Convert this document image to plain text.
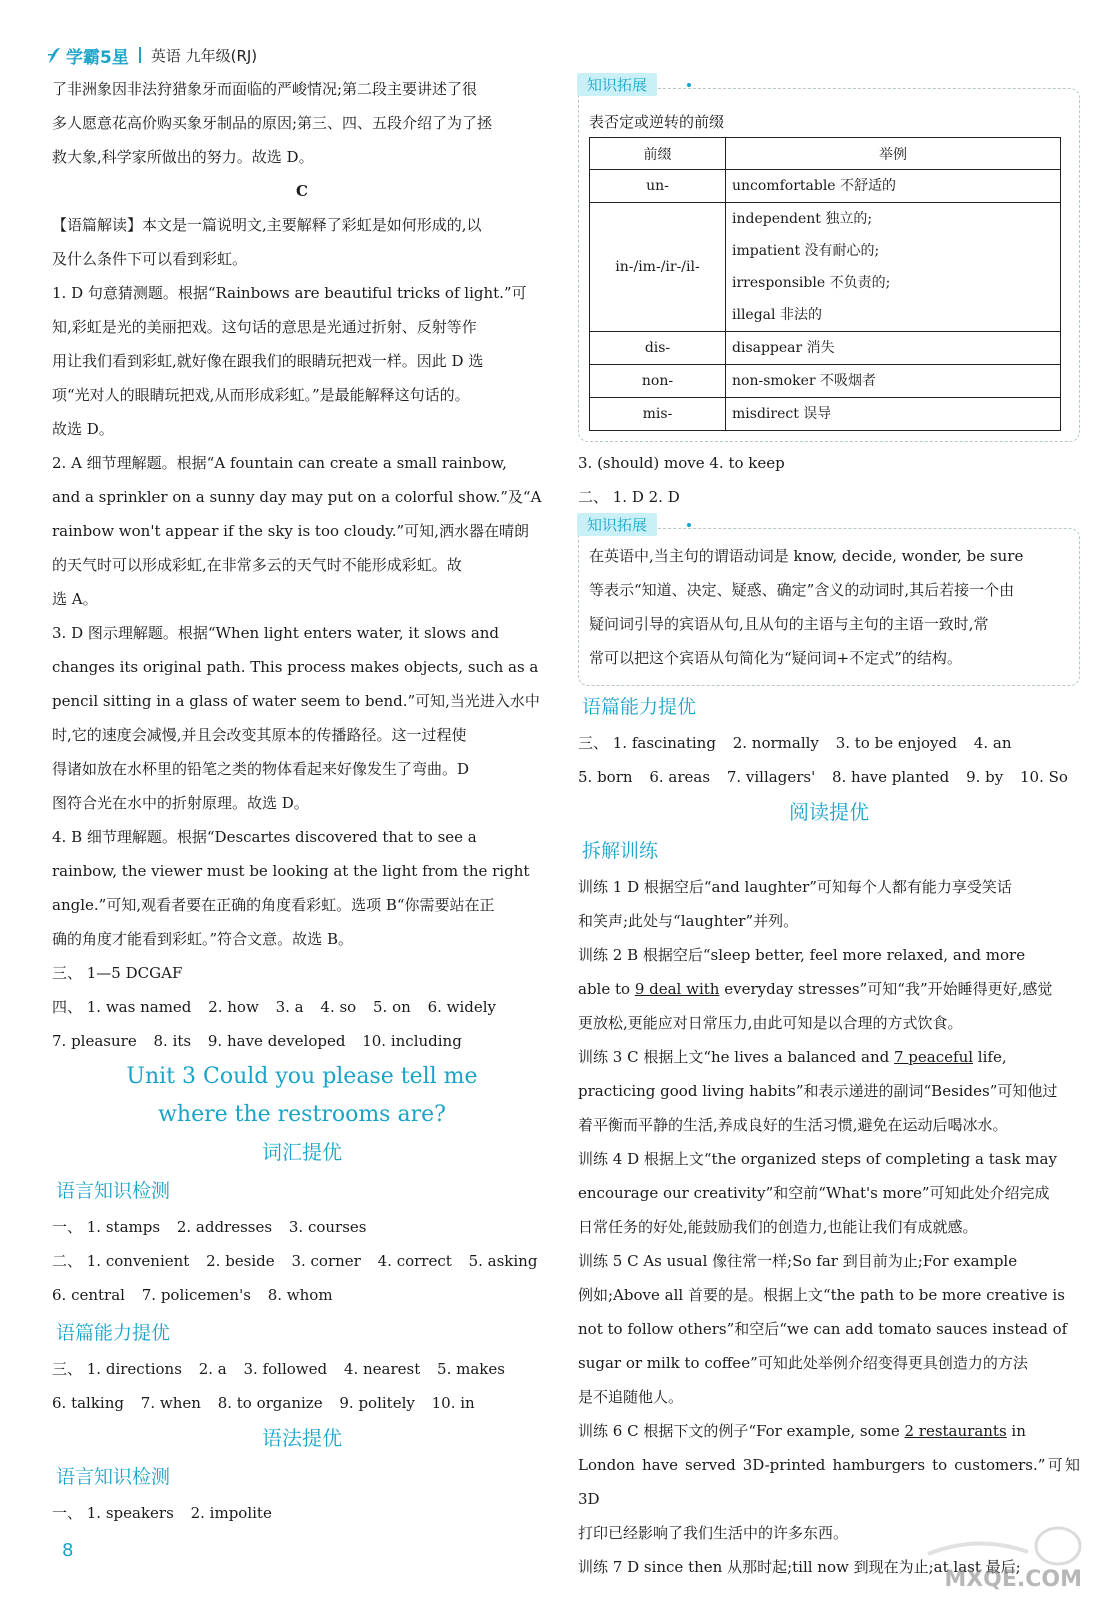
学霸5星 英语 九年级(RJ)
了非洲象因非法狩猎象牙而面临的严峻情况;第二段主要讲述了很
多人愿意花高价购买象牙制品的原因;第三、四、五段介绍了为了拯
救大象,科学家所做出的努力。故选 D。
C
【语篇解读】本文是一篇说明文,主要解释了彩虹是如何形成的,以
及什么条件下可以看到彩虹。
1. D 句意猜测题。根据“Rainbows are beautiful tricks of light.”可
知,彩虹是光的美丽把戏。这句话的意思是光通过折射、反射等作
用让我们看到彩虹,就好像在跟我们的眼睛玩把戏一样。因此 D 选
项“光对人的眼睛玩把戏,从而形成彩虹。”是最能解释这句话的。
故选 D。
2. A 细节理解题。根据“A fountain can create a small rainbow,
and a sprinkler on a sunny day may put on a colorful show.”及“A
rainbow won't appear if the sky is too cloudy.”可知,洒水器在晴朗
的天气时可以形成彩虹,在非常多云的天气时不能形成彩虹。故
选 A。
3. D 图示理解题。根据“When light enters water, it slows and
changes its original path. This process makes objects, such as a
pencil sitting in a glass of water seem to bend.”可知,当光进入水中
时,它的速度会减慢,并且会改变其原本的传播路径。这一过程使
得诸如放在水杯里的铅笔之类的物体看起来好像发生了弯曲。D
图符合光在水中的折射原理。故选 D。
4. B 细节理解题。根据“Descartes discovered that to see a
rainbow, the viewer must be looking at the light from the right
angle.”可知,观看者要在正确的角度看彩虹。选项 B“你需要站在正
确的角度才能看到彩虹。”符合文意。故选 B。
三、 1—5 DCGAF
四、 1. was named 2. how 3. a 4. so 5. on 6. widely
7. pleasure 8. its 9. have developed 10. including
Unit 3 Could you please tell me
where the restrooms are?
词汇提优
语言知识检测
一、 1. stamps 2. addresses 3. courses
二、 1. convenient 2. beside 3. corner 4. correct 5. asking
6. central 7. policemen's 8. whom
语篇能力提优
三、 1. directions 2. a 3. followed 4. nearest 5. makes
6. talking 7. when 8. to organize 9. politely 10. in
语法提优
语言知识检测
一、 1. speakers 2. impolite
知识拓展
表否定或逆转的前缀
前缀	举例
un-	uncomfortable 不舒适的
in-/im-/ir-/il-	independent 独立的;
impatient 没有耐心的;
irresponsible 不负责的;
illegal 非法的

dis-	disappear 消失
non-	non-smoker 不吸烟者
mis-	misdirect 误导
3. (should) move 4. to keep
二、 1. D 2. D
知识拓展
在英语中,当主句的谓语动词是 know, decide, wonder, be sure
等表示“知道、决定、疑惑、确定”含义的动词时,其后若接一个由
疑问词引导的宾语从句,且从句的主语与主句的主语一致时,常
常可以把这个宾语从句简化为“疑问词+不定式”的结构。
语篇能力提优
三、 1. fascinating 2. normally 3. to be enjoyed 4. an
5. born 6. areas 7. villagers' 8. have planted 9. by 10. So
阅读提优
拆解训练
训练 1 D 根据空后“and laughter”可知每个人都有能力享受笑话
和笑声;此处与“laughter”并列。
训练 2 B 根据空后“sleep better, feel more relaxed, and more
able to 9 deal with everyday stresses”可知“我”开始睡得更好,感觉
更放松,更能应对日常压力,由此可知是以合理的方式饮食。
训练 3 C 根据上文“he lives a balanced and 7 peaceful life,
practicing good living habits”和表示递进的副词“Besides”可知他过
着平衡而平静的生活,养成良好的生活习惯,避免在运动后喝冰水。
训练 4 D 根据上文“the organized steps of completing a task may
encourage our creativity”和空前“What's more”可知此处介绍完成
日常任务的好处,能鼓励我们的创造力,也能让我们有成就感。
训练 5 C As usual 像往常一样;So far 到目前为止;For example
例如;Above all 首要的是。根据上文“the path to be more creative is
not to follow others”和空后“we can add tomato sauces instead of
sugar or milk to coffee”可知此处举例介绍变得更具创造力的方法
是不追随他人。
训练 6 C 根据下文的例子“For example, some 2 restaurants in
London have served 3D-printed hamburgers to customers.”可知 3D
打印已经影响了我们生活中的许多东西。
训练 7 D since then 从那时起;till now 到现在为止;at last 最后;
8
MXQE.COM
